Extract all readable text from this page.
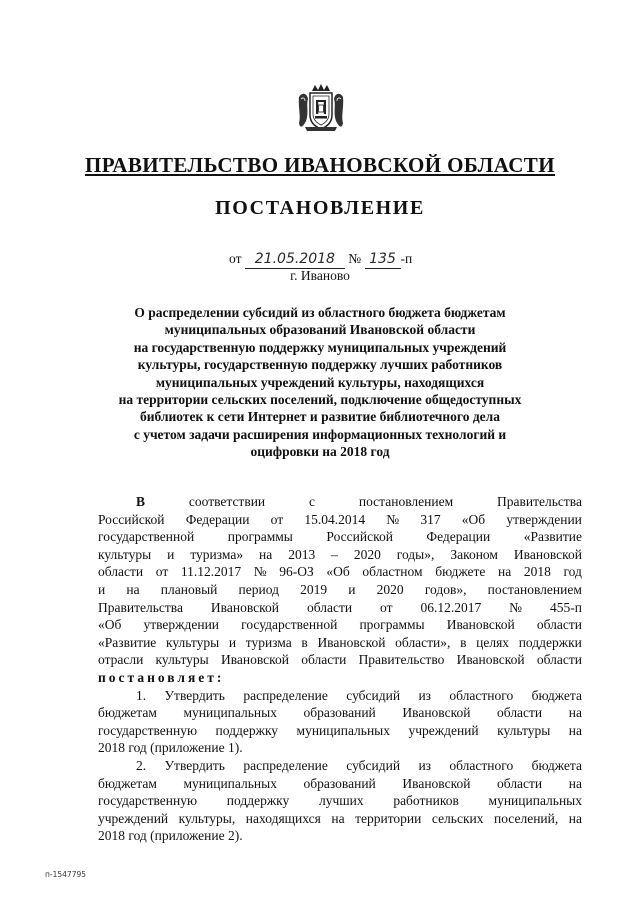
ПРАВИТЕЛЬСТВО ИВАНОВСКОЙ ОБЛАСТИ
ПОСТАНОВЛЕНИЕ
от 21.05.2018 № 135 -п
г. Иваново
О распределении субсидий из областного бюджета бюджетам
муниципальных образований Ивановской области
на государственную поддержку муниципальных учреждений
культуры, государственную поддержку лучших работников
муниципальных учреждений культуры, находящихся
на территории сельских поселений, подключение общедоступных
библиотек к сети Интернет и развитие библиотечного дела
с учетом задачи расширения информационных технологий и
оцифровки на 2018 год
В	соответствии	с	постановлением	Правительства
Российской Федерации от 15.04.2014 № 317 «Об утверждении
государственной программы Российской Федерации «Развитие
культуры и туризма» на 2013 – 2020 годы», Законом Ивановской
области от 11.12.2017 № 96-ОЗ «Об областном бюджете на 2018 год
и на плановый период 2019 и 2020 годов», постановлением
Правительства Ивановской области от 06.12.2017 № 455-п
«Об утверждении государственной программы Ивановской области
«Развитие культуры и туризма в Ивановской области», в целях поддержки
отрасли культуры Ивановской области Правительство Ивановской области
постановляет:
1. Утвердить распределение субсидий из областного бюджета
бюджетам муниципальных образований Ивановской области на
государственную поддержку муниципальных учреждений культуры на
2018 год (приложение 1).
2. Утвердить распределение субсидий из областного бюджета
бюджетам муниципальных образований Ивановской области на
государственную поддержку лучших работников муниципальных
учреждений культуры, находящихся на территории сельских поселений, на
2018 год (приложение 2).
п-1547795
